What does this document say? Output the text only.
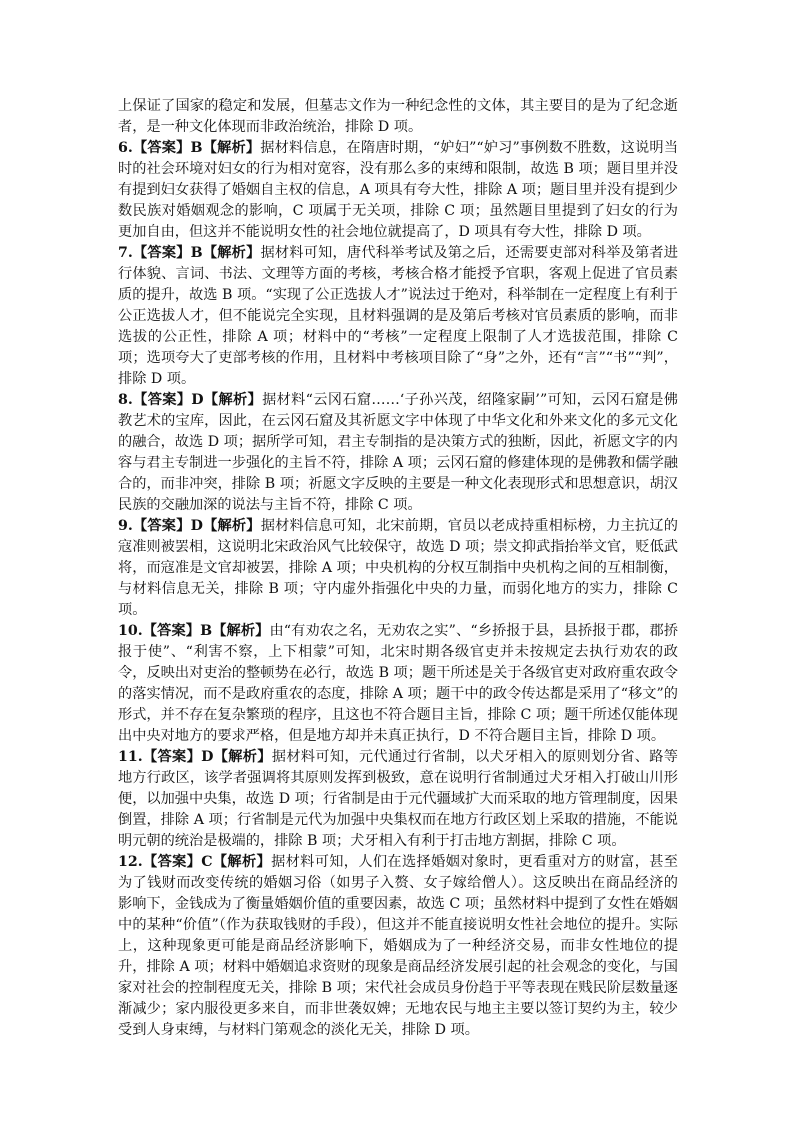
上保证了国家的稳定和发展，但墓志文作为一种纪念性的文体，其主要目的是为了纪念逝者，是一种文化体现而非政治统治，排除 D 项。

6.【答案】B【解析】据材料信息，在隋唐时期，“妒妇”“妒习”事例数不胜数，这说明当时的社会环境对妇女的行为相对宽容，没有那么多的束缚和限制，故选 B 项；题目里并没有提到妇女获得了婚姻自主权的信息，A 项具有夸大性，排除 A 项；题目里并没有提到少数民族对婚姻观念的影响，C 项属于无关项，排除 C 项；虽然题目里提到了妇女的行为更加自由，但这并不能说明女性的社会地位就提高了，D 项具有夸大性，排除 D 项。

7.【答案】B【解析】据材料可知，唐代科举考试及第之后，还需要吏部对科举及第者进行体貌、言词、书法、文理等方面的考核，考核合格才能授予官职，客观上促进了官员素质的提升，故选 B 项。“实现了公正选拔人才”说法过于绝对，科举制在一定程度上有利于公正选拔人才，但不能说完全实现，且材料强调的是及第后考核对官员素质的影响，而非选拔的公正性，排除 A 项；材料中的“考核”一定程度上限制了人才选拔范围，排除 C 项；选项夸大了吏部考核的作用，且材料中考核项目除了“身”之外，还有“言”“书”“判”，排除 D 项。

8.【答案】D【解析】据材料“云冈石窟……‘子孙兴茂，绍隆家嗣’”可知，云冈石窟是佛教艺术的宝库，因此，在云冈石窟及其祈愿文字中体现了中华文化和外来文化的多元文化的融合，故选 D 项；据所学可知，君主专制指的是决策方式的独断，因此，祈愿文字的内容与君主专制进一步强化的主旨不符，排除 A 项；云冈石窟的修建体现的是佛教和儒学融合的，而非冲突，排除 B 项；祈愿文字反映的主要是一种文化表现形式和思想意识，胡汉民族的交融加深的说法与主旨不符，排除 C 项。

9.【答案】D【解析】据材料信息可知，北宋前期，官员以老成持重相标榜，力主抗辽的寇准则被罢相，这说明北宋政治风气比较保守，故选 D 项；崇文抑武指抬举文官，贬低武将，而寇准是文官却被罢，排除 A 项；中央机构的分权互制指中央机构之间的互相制衡，与材料信息无关，排除 B 项；守内虚外指强化中央的力量，而弱化地方的实力，排除 C 项。

10.【答案】B【解析】由“有劝农之名，无劝农之实”、“乡挢报于县，县挢报于郡，郡挢报于使”、“利害不察，上下相蒙”可知，北宋时期各级官吏并未按规定去执行劝农的政令，反映出对吏治的整顿势在必行，故选 B 项；题干所述是关于各级官吏对政府重农政令的落实情况，而不是政府重农的态度，排除 A 项；题干中的政令传达都是采用了“移文”的形式，并不存在复杂繁琐的程序，且这也不符合题目主旨，排除 C 项；题干所述仅能体现出中央对地方的要求严格，但是地方却并未真正执行，D 不符合题目主旨，排除 D 项。

11.【答案】D【解析】据材料可知，元代通过行省制，以犬牙相入的原则划分省、路等地方行政区，该学者强调将其原则发挥到极致，意在说明行省制通过犬牙相入打破山川形便，以加强中央集，故选 D 项；行省制是由于元代疆域扩大而采取的地方管理制度，因果倒置，排除 A 项；行省制是元代为加强中央集权而在地方行政区划上采取的措施，不能说明元朝的统治是极端的，排除 B 项；犬牙相入有利于打击地方割据，排除 C 项。

12.【答案】C【解析】据材料可知，人们在选择婚姻对象时，更看重对方的财富，甚至为了钱财而改变传统的婚姻习俗（如男子入赘、女子嫁给僧人）。这反映出在商品经济的影响下，金钱成为了衡量婚姻价值的重要因素，故选 C 项；虽然材料中提到了女性在婚姻中的某种“价值”（作为获取钱财的手段），但这并不能直接说明女性社会地位的提升。实际上，这种现象更可能是商品经济影响下，婚姻成为了一种经济交易，而非女性地位的提升，排除 A 项；材料中婚姻追求资财的现象是商品经济发展引起的社会观念的变化，与国家对社会的控制程度无关，排除 B 项；宋代社会成员身份趋于平等表现在贱民阶层数量逐渐减少；家内服役更多来自，而非世袭奴婢；无地农民与地主主要以签订契约为主，较少受到人身束缚，与材料门第观念的淡化无关，排除 D 项。
